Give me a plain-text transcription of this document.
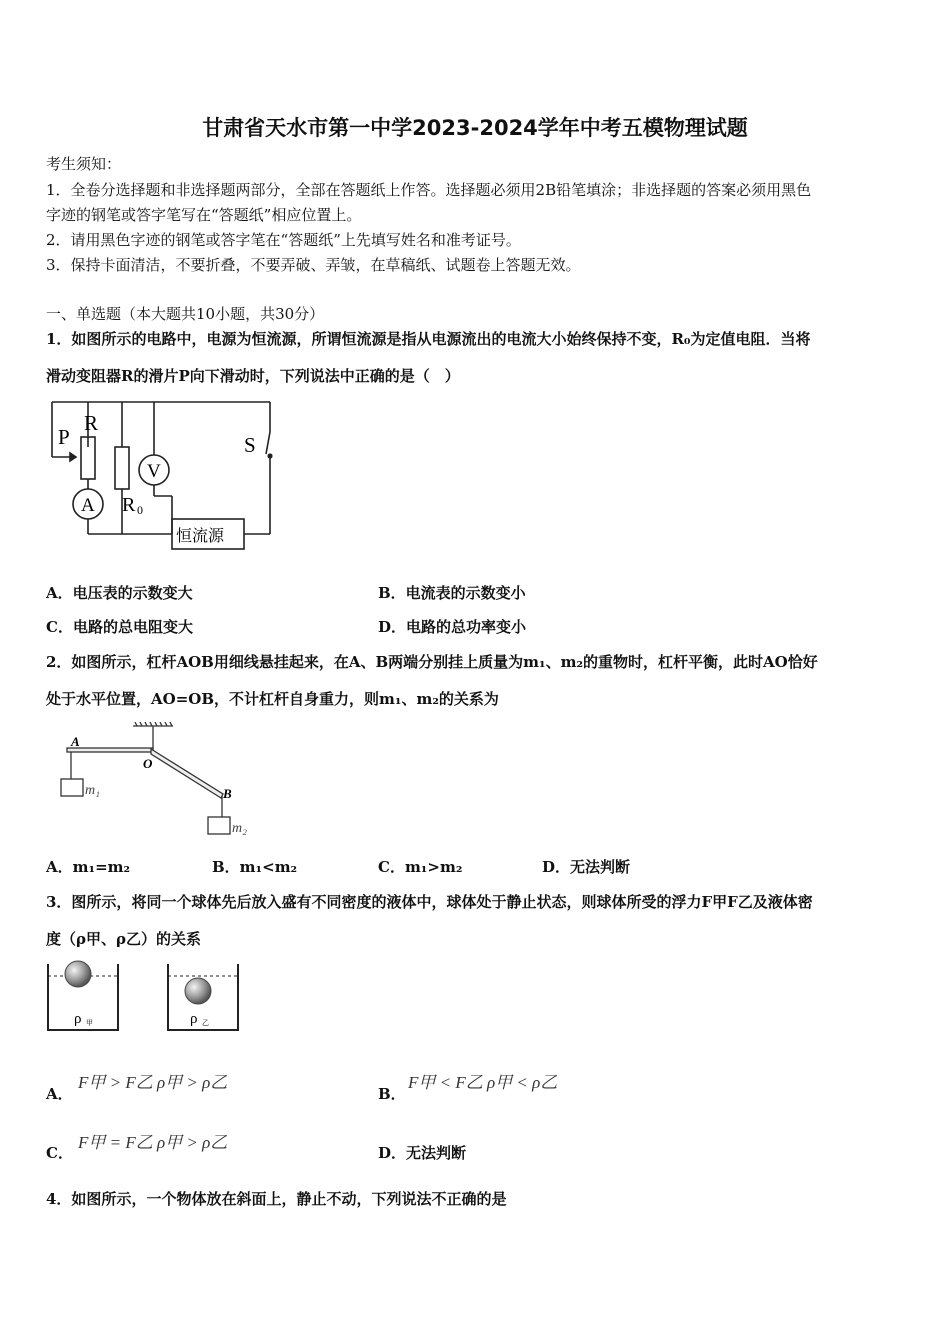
甘肃省天水市第一中学2023-2024学年中考五模物理试题
考生须知：
1．全卷分选择题和非选择题两部分，全部在答题纸上作答。选择题必须用2B铅笔填涂；非选择题的答案必须用黑色
字迹的钢笔或答字笔写在“答题纸”相应位置上。
2．请用黑色字迹的钢笔或答字笔在“答题纸”上先填写姓名和准考证号。
3．保持卡面清洁，不要折叠，不要弄破、弄皱，在草稿纸、试题卷上答题无效。
一、单选题（本大题共10小题，共30分）
1．如图所示的电路中，电源为恒流源，所谓恒流源是指从电源流出的电流大小始终保持不变，R₀为定值电阻．当将
滑动变阻器R的滑片P向下滑动时，下列说法中正确的是（　）
P
R
A R 0
V
S
恒流源
A．电压表的示数变大	B．电流表的示数变小
C．电路的总电阻变大	D．电路的总功率变小
2．如图所示，杠杆AOB用细线悬挂起来，在A、B两端分别挂上质量为m₁、m₂的重物时，杠杆平衡，此时AO恰好
处于水平位置，AO=OB，不计杠杆自身重力，则m₁、m₂的关系为
A
O
B
m₁
m₂
A．m₁=m₂	B．m₁<m₂	C．m₁>m₂	D．无法判断
3．图所示，将同一个球体先后放入盛有不同密度的液体中，球体处于静止状态，则球体所受的浮力F甲F乙及液体密
度（ρ甲、ρ乙）的关系
ρ 甲	ρ 乙
A．
F甲 > F乙 ρ甲 > ρ乙
B．
F甲 < F乙 ρ甲 < ρ乙
C．
F甲 = F乙 ρ甲 > ρ乙
D．无法判断
4．如图所示，一个物体放在斜面上，静止不动，下列说法不正确的是
